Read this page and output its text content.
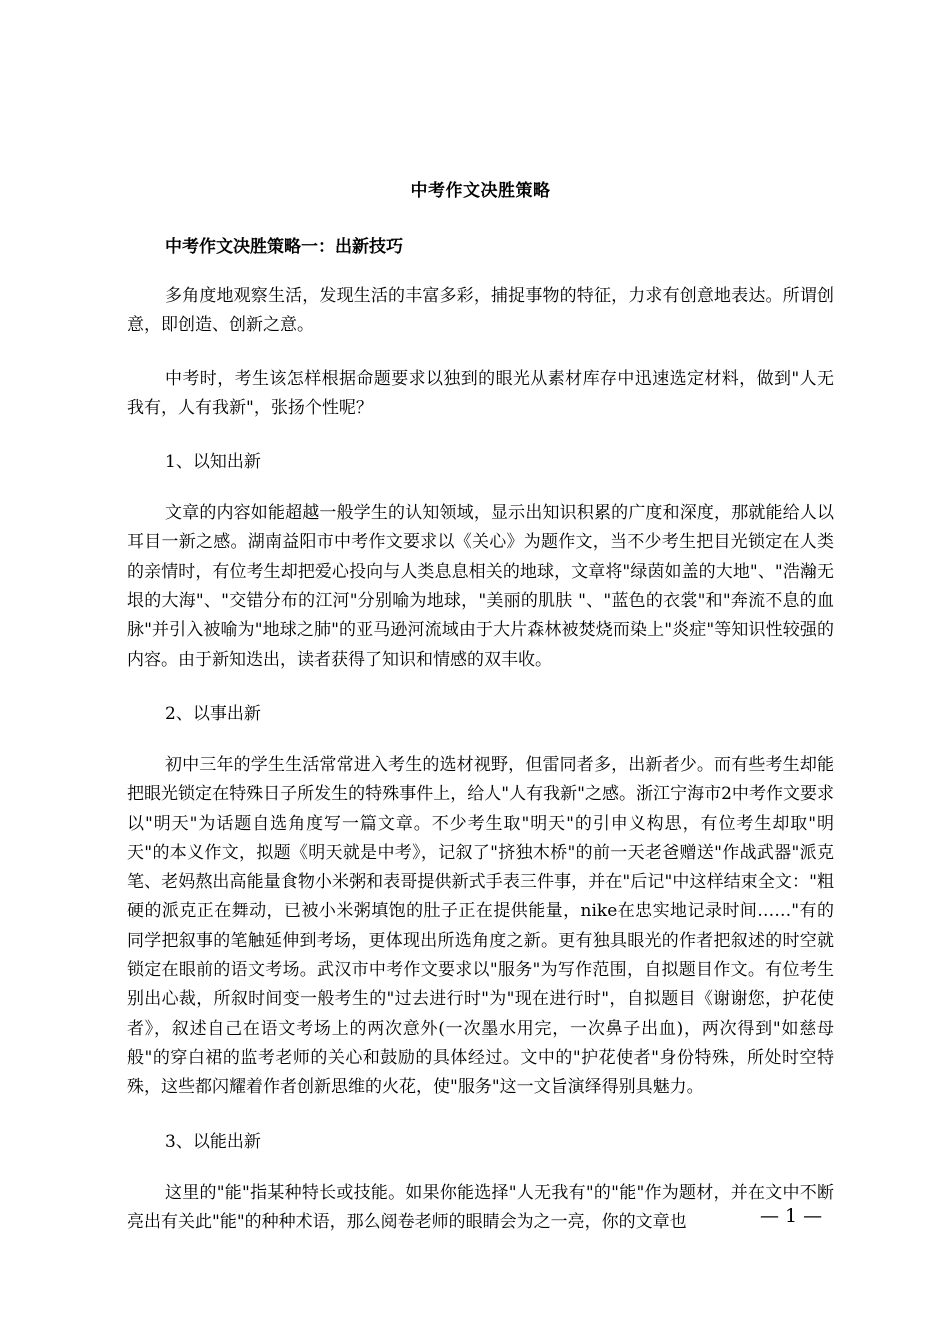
中考作文决胜策略
中考作文决胜策略一：出新技巧

多角度地观察生活，发现生活的丰富多彩，捕捉事物的特征，力求有创意地表达。所谓创意，即创造、创新之意。

中考时，考生该怎样根据命题要求以独到的眼光从素材库存中迅速选定材料，做到"人无我有，人有我新"，张扬个性呢？

1、以知出新

文章的内容如能超越一般学生的认知领域，显示出知识积累的广度和深度，那就能给人以耳目一新之感。湖南益阳市中考作文要求以《关心》为题作文，当不少考生把目光锁定在人类的亲情时，有位考生却把爱心投向与人类息息相关的地球，文章将"绿茵如盖的大地"、"浩瀚无垠的大海"、"交错分布的江河"分别喻为地球，"美丽的肌肤 "、"蓝色的衣裳"和"奔流不息的血脉"并引入被喻为"地球之肺"的亚马逊河流域由于大片森林被焚烧而染上"炎症"等知识性较强的内容。由于新知迭出，读者获得了知识和情感的双丰收。

2、以事出新

初中三年的学生生活常常进入考生的选材视野，但雷同者多，出新者少。而有些考生却能把眼光锁定在特殊日子所发生的特殊事件上，给人"人有我新"之感。浙江宁海市2中考作文要求以"明天"为话题自选角度写一篇文章。不少考生取"明天"的引申义构思，有位考生却取"明天"的本义作文，拟题《明天就是中考》，记叙了"挤独木桥"的前一天老爸赠送"作战武器"派克笔、老妈熬出高能量食物小米粥和表哥提供新式手表三件事，并在"后记"中这样结束全文："粗硬的派克正在舞动，已被小米粥填饱的肚子正在提供能量，nike在忠实地记录时间……"有的同学把叙事的笔触延伸到考场，更体现出所选角度之新。更有独具眼光的作者把叙述的时空就锁定在眼前的语文考场。武汉市中考作文要求以"服务"为写作范围，自拟题目作文。有位考生别出心裁，所叙时间变一般考生的"过去进行时"为"现在进行时"，自拟题目《谢谢您，护花使者》，叙述自己在语文考场上的两次意外(一次墨水用完，一次鼻子出血)，两次得到"如慈母般"的穿白裙的监考老师的关心和鼓励的具体经过。文中的"护花使者"身份特殊，所处时空特殊，这些都闪耀着作者创新思维的火花，使"服务"这一文旨演绎得别具魅力。

3、以能出新

这里的"能"指某种特长或技能。如果你能选择"人无我有"的"能"作为题材，并在文中不断亮出有关此"能"的种种术语，那么阅卷老师的眼睛会为之一亮，你的文章也	— 1 —
